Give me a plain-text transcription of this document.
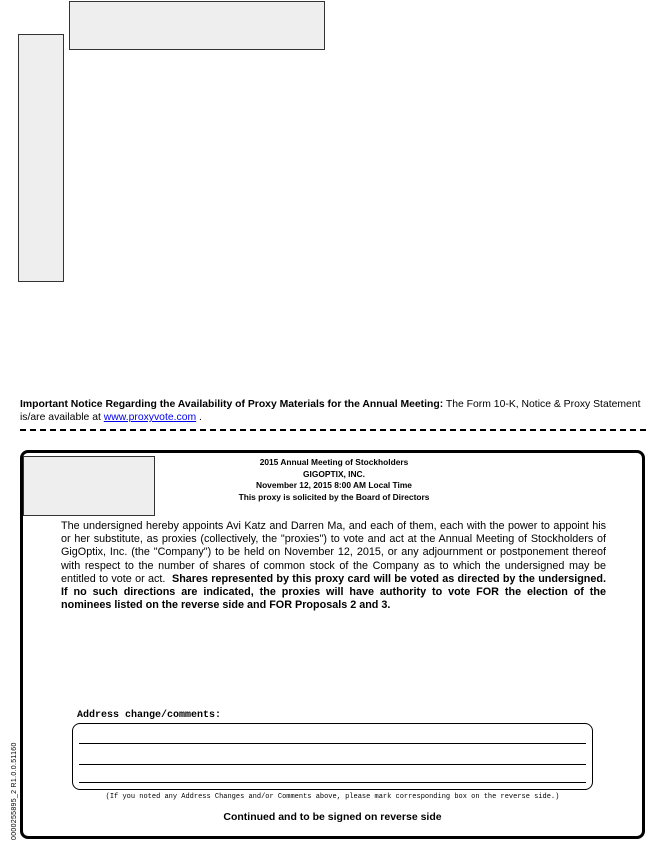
Important Notice Regarding the Availability of Proxy Materials for the Annual Meeting: The Form 10-K, Notice & Proxy Statement is/are available at www.proxyvote.com .
2015 Annual Meeting of Stockholders
GIGOPTIX, INC.
November 12, 2015 8:00 AM Local Time
This proxy is solicited by the Board of Directors
The undersigned hereby appoints Avi Katz and Darren Ma, and each of them, each with the power to appoint his or her substitute, as proxies (collectively, the "proxies") to vote and act at the Annual Meeting of Stockholders of GigOptix, Inc. (the "Company") to be held on November 12, 2015, or any adjournment or postponement thereof with respect to the number of shares of common stock of the Company as to which the undersigned may be entitled to vote or act. Shares represented by this proxy card will be voted as directed by the undersigned. If no such directions are indicated, the proxies will have authority to vote FOR the election of the nominees listed on the reverse side and FOR Proposals 2 and 3.
Address change/comments:
(If you noted any Address Changes and/or Comments above, please mark corresponding box on the reverse side.)
Continued and to be signed on reverse side
0000255895_2 R1.0.0.51160
